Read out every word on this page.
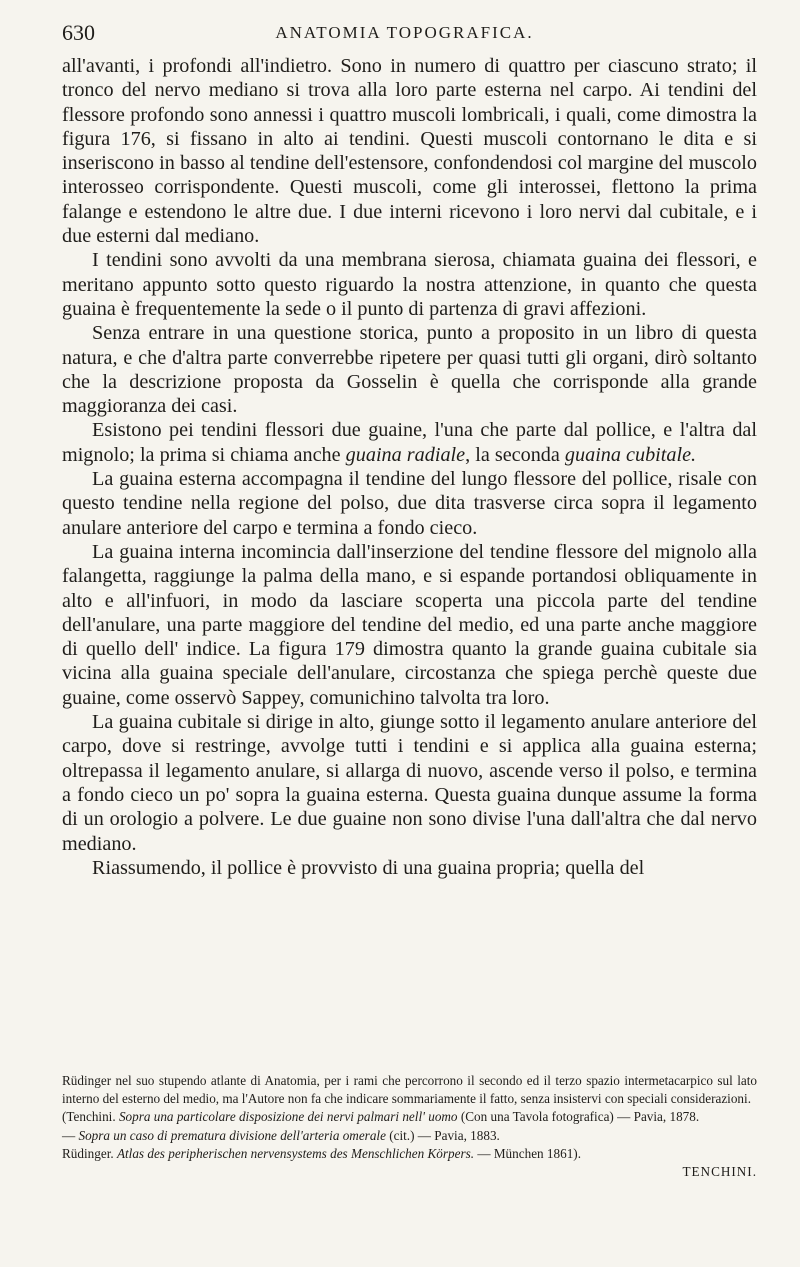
630	ANATOMIA TOPOGRAFICA.

all'avanti, i profondi all'indietro. Sono in numero di quattro per ciascuno strato; il tronco del nervo mediano si trova alla loro parte esterna nel carpo. Ai tendini del flessore profondo sono annessi i quattro muscoli lombricali, i quali, come dimostra la figura 176, si fissano in alto ai tendini. Questi muscoli contornano le dita e si inseriscono in basso al tendine dell'estensore, confondendosi col margine del muscolo interosseo corrispondente. Questi muscoli, come gli interossei, flettono la prima falange e estendono le altre due. I due interni ricevono i loro nervi dal cubitale, e i due esterni dal mediano.

I tendini sono avvolti da una membrana sierosa, chiamata guaina dei flessori, e meritano appunto sotto questo riguardo la nostra attenzione, in quanto che questa guaina è frequentemente la sede o il punto di partenza di gravi affezioni.

Senza entrare in una questione storica, punto a proposito in un libro di questa natura, e che d'altra parte converrebbe ripetere per quasi tutti gli organi, dirò soltanto che la descrizione proposta da Gosselin è quella che corrisponde alla grande maggioranza dei casi.

Esistono pei tendini flessori due guaine, l'una che parte dal pollice, e l'altra dal mignolo; la prima si chiama anche guaina radiale, la seconda guaina cubitale.

La guaina esterna accompagna il tendine del lungo flessore del pollice, risale con questo tendine nella regione del polso, due dita trasverse circa sopra il legamento anulare anteriore del carpo e termina a fondo cieco.

La guaina interna incomincia dall'inserzione del tendine flessore del mignolo alla falangetta, raggiunge la palma della mano, e si espande portandosi obliquamente in alto e all'infuori, in modo da lasciare scoperta una piccola parte del tendine dell'anulare, una parte maggiore del tendine del medio, ed una parte anche maggiore di quello dell' indice. La figura 179 dimostra quanto la grande guaina cubitale sia vicina alla guaina speciale dell'anulare, circostanza che spiega perchè queste due guaine, come osservò Sappey, comunichino talvolta tra loro.

La guaina cubitale si dirige in alto, giunge sotto il legamento anulare anteriore del carpo, dove si restringe, avvolge tutti i tendini e si applica alla guaina esterna; oltrepassa il legamento anulare, si allarga di nuovo, ascende verso il polso, e termina a fondo cieco un po' sopra la guaina esterna. Questa guaina dunque assume la forma di un orologio a polvere. Le due guaine non sono divise l'una dall'altra che dal nervo mediano.

Riassumendo, il pollice è provvisto di una guaina propria; quella del

Rüdinger nel suo stupendo atlante di Anatomia, per i rami che percorrono il secondo ed il terzo spazio intermetacarpico sul lato interno del esterno del medio, ma l'Autore non fa che indicare sommariamente il fatto, senza insistervi con speciali considerazioni.

(Tenchini. Sopra una particolare disposizione dei nervi palmari nell' uomo (Con una Tavola fotografica) — Pavia, 1878.

— Sopra un caso di prematura divisione dell'arteria omerale (cit.) — Pavia, 1883.

Rüdinger. Atlas des peripherischen nervensystems des Menschlichen Körpers. — München 1861).

TENCHINI.
